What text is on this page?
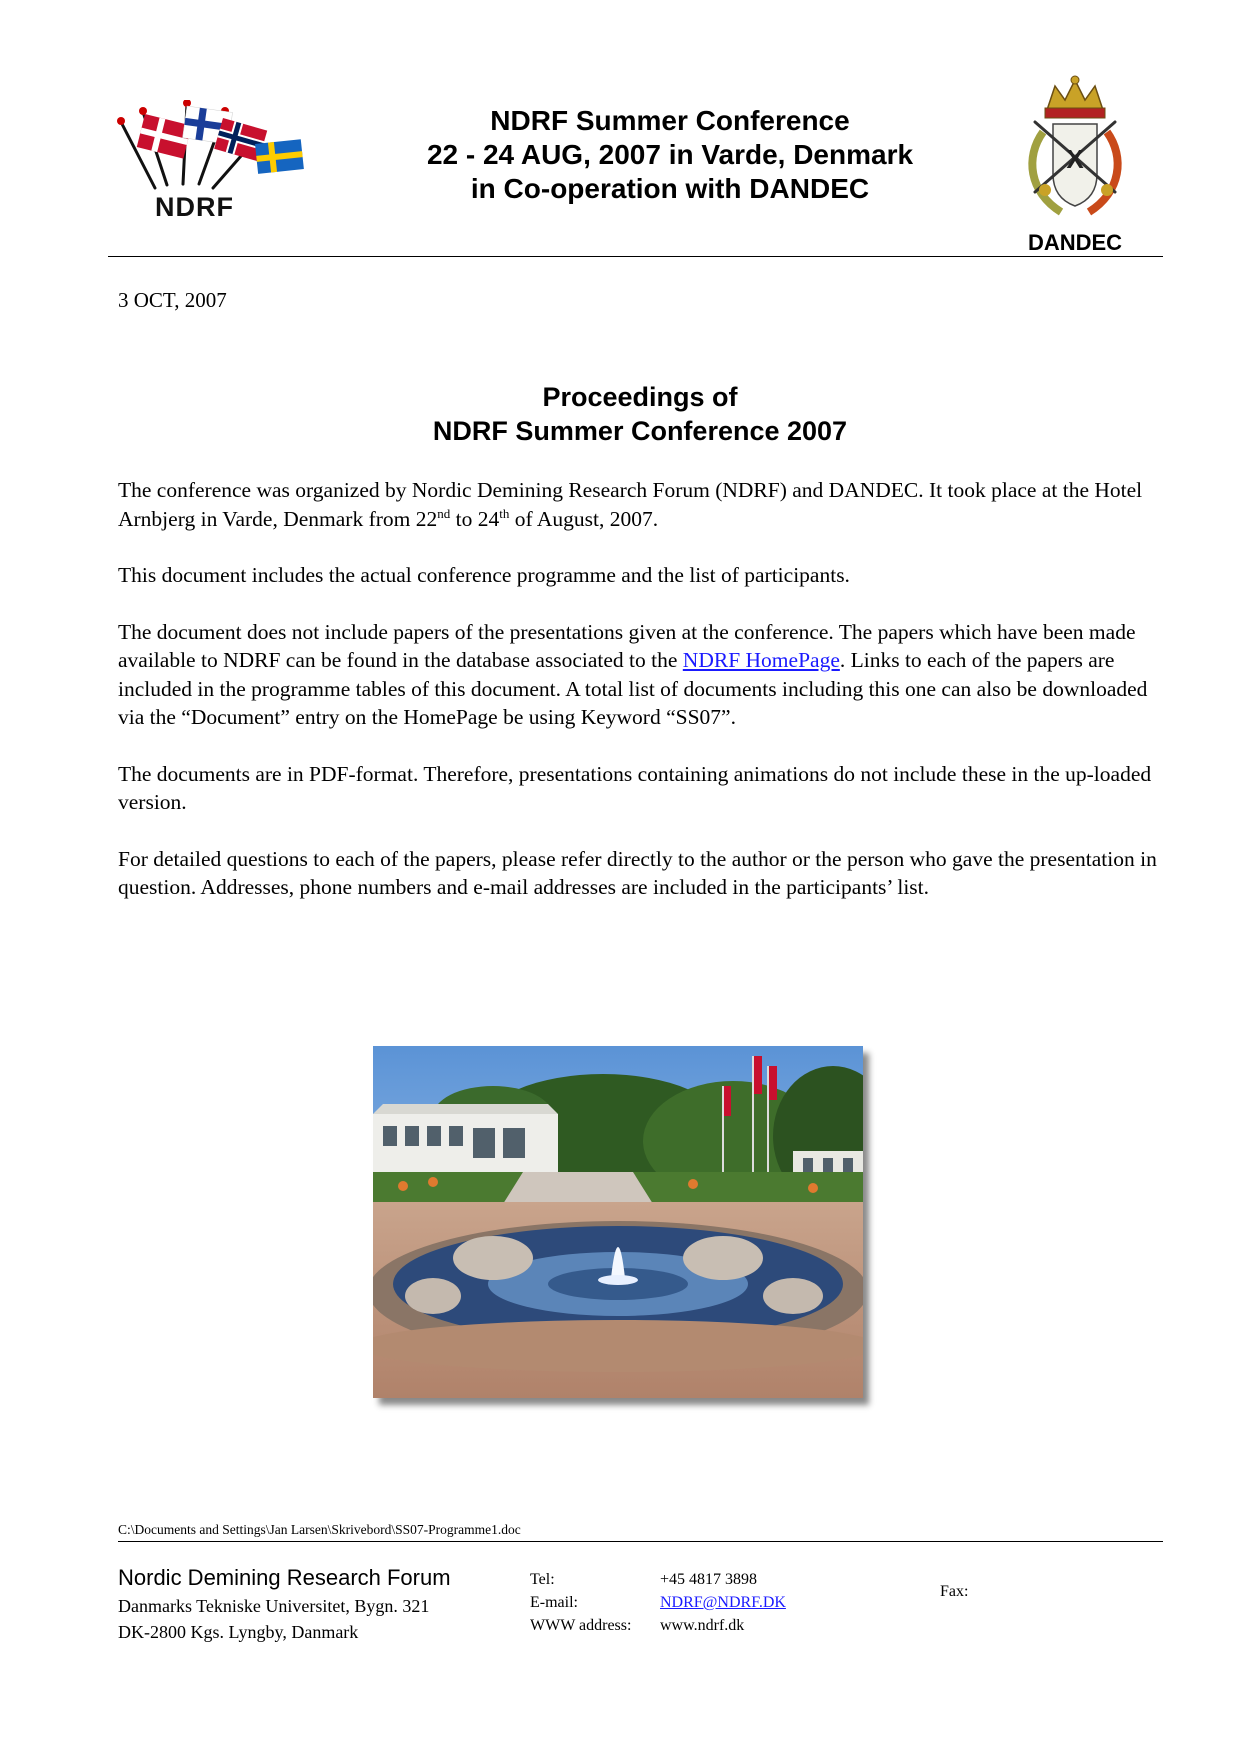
NDRF
NDRF Summer Conference
22 - 24 AUG, 2007 in Varde, Denmark
in Co-operation with DANDEC
X
DANDEC
3 OCT, 2007
Proceedings of
NDRF Summer Conference 2007

The conference was organized by Nordic Demining Research Forum (NDRF) and DANDEC. It took place at the Hotel Arnbjerg in Varde, Denmark from 22nd to 24th of August, 2007.

This document includes the actual conference programme and the list of participants.

The document does not include papers of the presentations given at the conference. The papers which have been made available to NDRF can be found in the database associated to the NDRF HomePage. Links to each of the papers are included in the programme tables of this document. A total list of documents including this one can also be downloaded via the “Document” entry on the HomePage be using Keyword “SS07”.

The documents are in PDF-format. Therefore, presentations containing animations do not include these in the up-loaded version.

For detailed questions to each of the papers, please refer directly to the author or the person who gave the presentation in question. Addresses, phone numbers and e-mail addresses are included in the participants’ list.

C:\Documents and Settings\Jan Larsen\Skrivebord\SS07-Programme1.doc
Nordic Demining Research Forum
Danmarks Tekniske Universitet, Bygn. 321
DK-2800 Kgs. Lyngby, Danmark
Tel:	+45 4817 3898
E-mail:	NDRF@NDRF.DK
WWW address: www.ndrf.dk
Fax:
